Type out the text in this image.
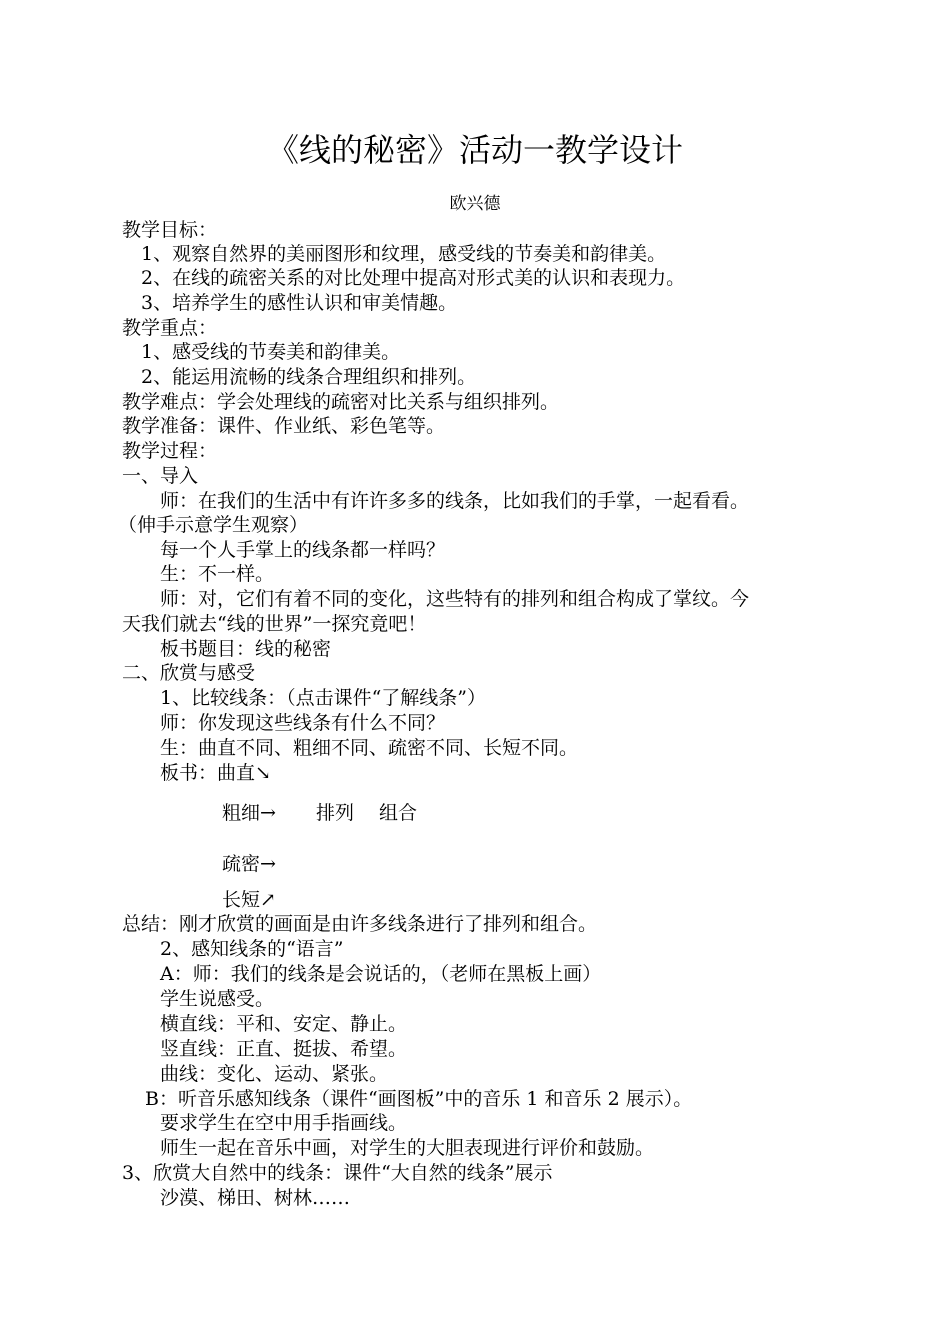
《线的秘密》活动一教学设计
欧兴德
教学目标：
1、观察自然界的美丽图形和纹理，感受线的节奏美和韵律美。
2、在线的疏密关系的对比处理中提高对形式美的认识和表现力。
3、培养学生的感性认识和审美情趣。
教学重点：
1、感受线的节奏美和韵律美。
2、能运用流畅的线条合理组织和排列。
教学难点：学会处理线的疏密对比关系与组织排列。
教学准备：课件、作业纸、彩色笔等。
教学过程：
一、导入
师：在我们的生活中有许许多多的线条，比如我们的手掌，一起看看。
（伸手示意学生观察）
每一个人手掌上的线条都一样吗？
生：不一样。
师：对，它们有着不同的变化，这些特有的排列和组合构成了掌纹。今
天我们就去“线的世界”一探究竟吧！
板书题目：线的秘密
二、欣赏与感受
1、比较线条：（点击课件“了解线条”）
师：你发现这些线条有什么不同？
生：曲直不同、粗细不同、疏密不同、长短不同。
板书：曲直↘
粗细→ 排列 组合
疏密→
长短↗
总结：刚才欣赏的画面是由许多线条进行了排列和组合。
2、感知线条的“语言”
A：师：我们的线条是会说话的，（老师在黑板上画）
学生说感受。
横直线：平和、安定、静止。
竖直线：正直、挺拔、希望。
曲线：变化、运动、紧张。
B：听音乐感知线条（课件“画图板”中的音乐 1 和音乐 2 展示）。
要求学生在空中用手指画线。
师生一起在音乐中画，对学生的大胆表现进行评价和鼓励。
3、欣赏大自然中的线条：课件“大自然的线条”展示
沙漠、梯田、树林……
